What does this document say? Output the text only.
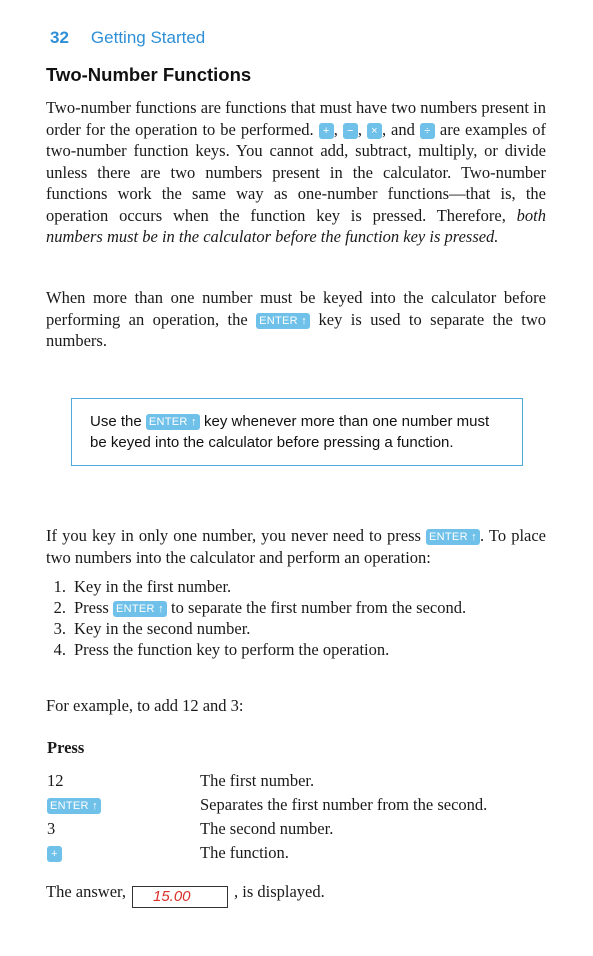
32 Getting Started
Two-Number Functions
Two-number functions are functions that must have two numbers present in order for the operation to be performed. + , − , × , and ÷ are examples of two-number function keys. You cannot add, subtract, multiply, or divide unless there are two numbers present in the calculator. Two-number functions work the same way as one-number functions—that is, the operation occurs when the function key is pressed. Therefore, both numbers must be in the calculator before the function key is pressed.
When more than one number must be keyed into the calculator before performing an operation, the ENTER ↑ key is used to separate the two numbers.
Use the ENTER ↑ key whenever more than one number must be keyed into the calculator before pressing a function.
If you key in only one number, you never need to press ENTER ↑ . To place two numbers into the calculator and perform an operation:
1. Key in the first number.
2. Press ENTER ↑ to separate the first number from the second.
3. Key in the second number.
4. Press the function key to perform the operation.
For example, to add 12 and 3:
Press
12	The first number.
ENTER ↑	Separates the first number from the second.
3	The second number.
+	The function.
The answer, 15.00	, is displayed.
